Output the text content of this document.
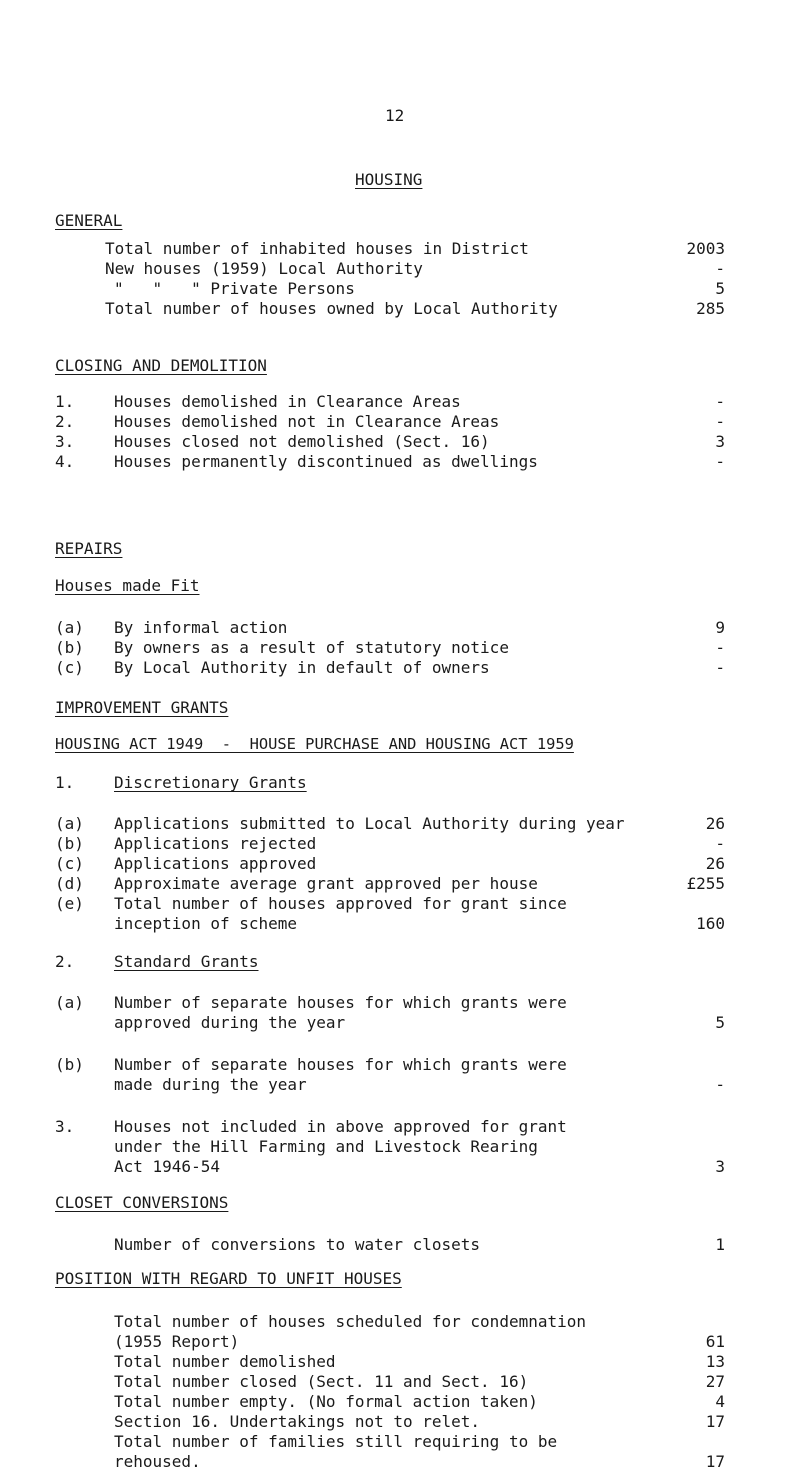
12
HOUSING
GENERAL
Total number of inhabited houses in District	2003
New houses (1959) Local Authority	-
"   "   " Private Persons	5
Total number of houses owned by Local Authority	285
CLOSING AND DEMOLITION
1. Houses demolished in Clearance Areas	-
2. Houses demolished not in Clearance Areas	-
3. Houses closed not demolished (Sect. 16)	3
4. Houses permanently discontinued as dwellings	-
REPAIRS
Houses made Fit
(a) By informal action	9
(b) By owners as a result of statutory notice	-
(c) By Local Authority in default of owners	-
IMPROVEMENT GRANTS
HOUSING ACT 1949  -  HOUSE PURCHASE AND HOUSING ACT 1959
1. Discretionary Grants
(a) Applications submitted to Local Authority during year	26
(b) Applications rejected	-
(c) Applications approved	26
(d) Approximate average grant approved per house	£255
(e) Total number of houses approved for grant since
inception of scheme	160
2. Standard Grants
(a) Number of separate houses for which grants were
approved during the year	5
(b) Number of separate houses for which grants were
made during the year	-
3. Houses not included in above approved for grant
under the Hill Farming and Livestock Rearing
Act 1946-54	3
CLOSET CONVERSIONS
Number of conversions to water closets	1
POSITION WITH REGARD TO UNFIT HOUSES
Total number of houses scheduled for condemnation
(1955 Report)	61
Total number demolished	13
Total number closed (Sect. 11 and Sect. 16)	27
Total number empty. (No formal action taken)	4
Section 16. Undertakings not to relet.	17
Total number of families still requiring to be
rehoused.	17
